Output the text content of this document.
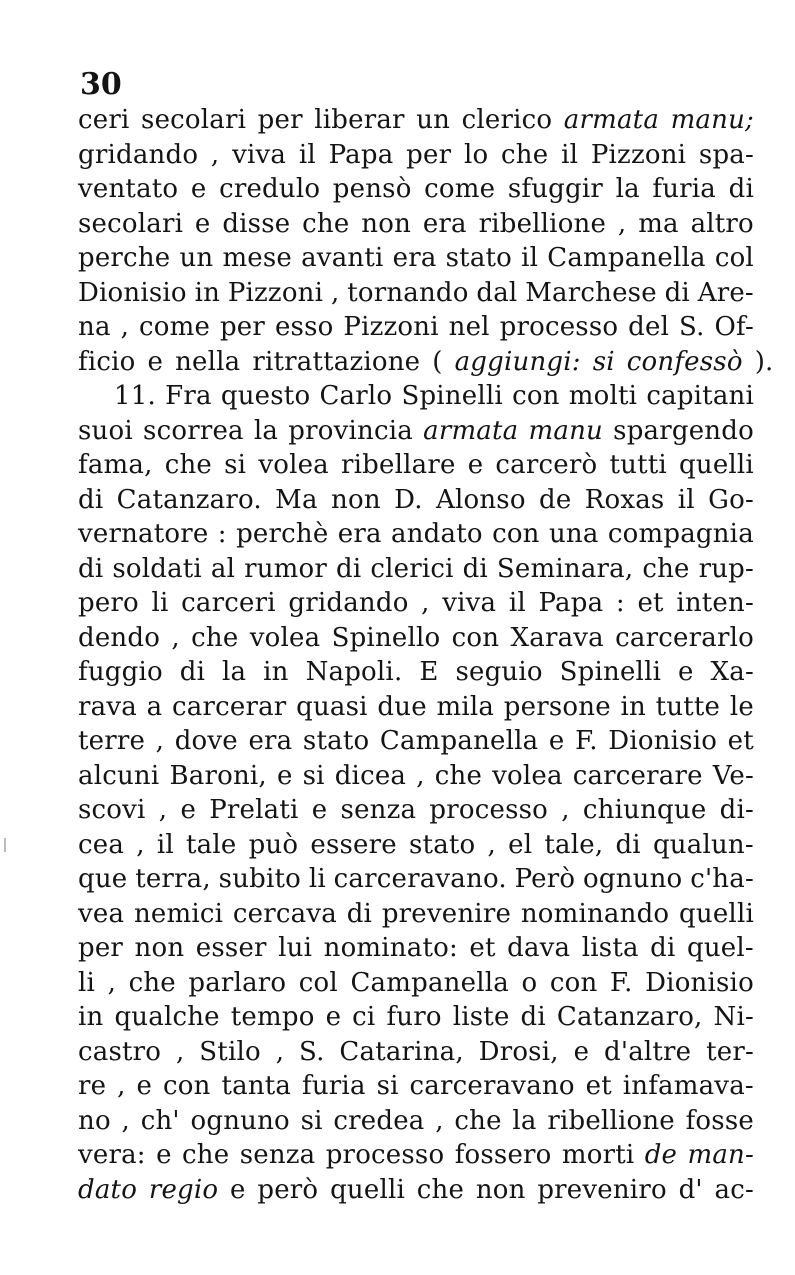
30
ceri secolari per liberar un clerico armata manu;
gridando , viva il Papa per lo che il Pizzoni spa-
ventato e credulo pensò come sfuggir la furia di
secolari e disse che non era ribellione , ma altro
perche un mese avanti era stato il Campanella col
Dionisio in Pizzoni , tornando dal Marchese di Are-
na , come per esso Pizzoni nel processo del S. Of-
ficio e nella ritrattazione ( aggiungi: si confessò ).
11. Fra questo Carlo Spinelli con molti capitani
suoi scorrea la provincia armata manu spargendo
fama, che si volea ribellare e carcerò tutti quelli
di Catanzaro. Ma non D. Alonso de Roxas il Go-
vernatore : perchè era andato con una compagnia
di soldati al rumor di clerici di Seminara, che rup-
pero li carceri gridando , viva il Papa : et inten-
dendo , che volea Spinello con Xarava carcerarlo
fuggio di la in Napoli. E seguio Spinelli e Xa-
rava a carcerar quasi due mila persone in tutte le
terre , dove era stato Campanella e F. Dionisio et
alcuni Baroni, e si dicea , che volea carcerare Ve-
scovi , e Prelati e senza processo , chiunque di-
cea , il tale può essere stato , el tale, di qualun-
que terra, subito li carceravano. Però ognuno c'ha-
vea nemici cercava di prevenire nominando quelli
per non esser lui nominato: et dava lista di quel-
li , che parlaro col Campanella o con F. Dionisio
in qualche tempo e ci furo liste di Catanzaro, Ni-
castro , Stilo , S. Catarina, Drosi, e d'altre ter-
re , e con tanta furia si carceravano et infamava-
no , ch' ognuno si credea , che la ribellione fosse
vera: e che senza processo fossero morti de man-
dato regio e però quelli che non preveniro d' ac-
